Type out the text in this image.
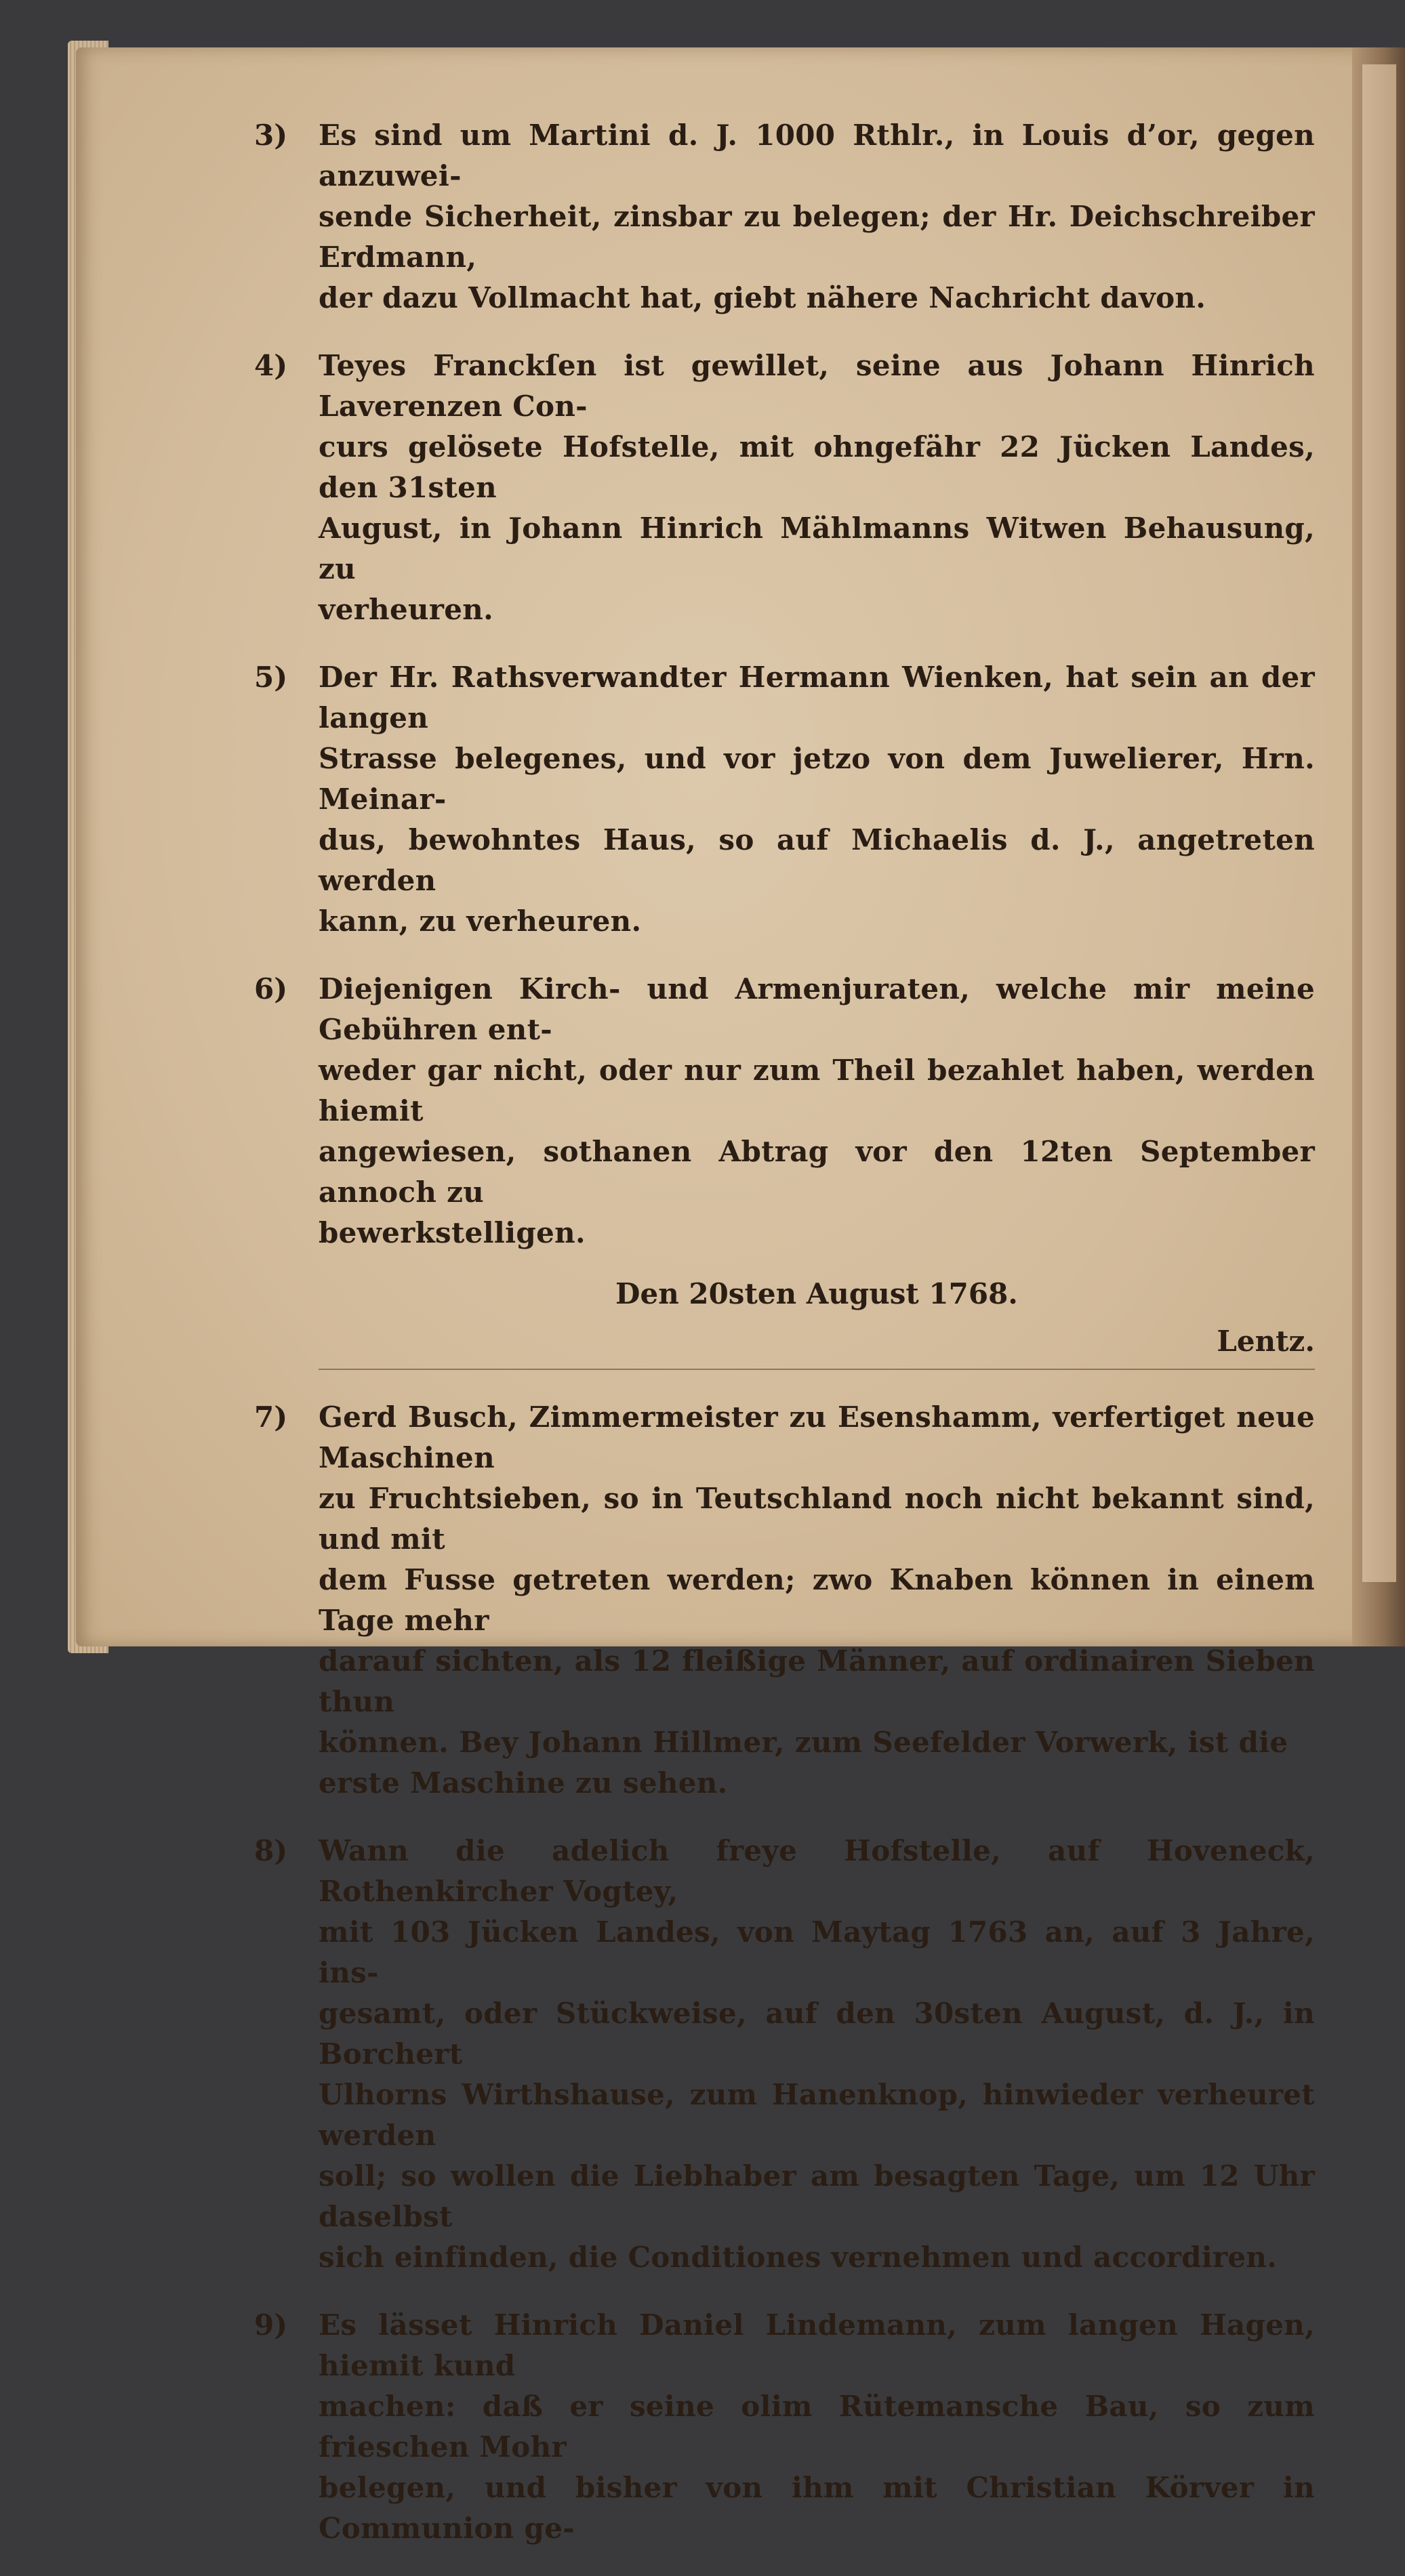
3)	Es sind um Martini d. J. 1000 Rthlr., in Louis d’or, gegen anzuwei-
sende Sicherheit, zinsbar zu belegen; der Hr. Deichschreiber Erdmann,
der dazu Vollmacht hat, giebt nähere Nachricht davon.
4)	Teyes Franckſen ist gewillet, seine aus Johann Hinrich Laverenzen Con-
curs gelösete Hofstelle, mit ohngefähr 22 Jücken Landes, den 31sten
August, in Johann Hinrich Mählmanns Witwen Behausung, zu
verheuren.
5)	Der Hr. Rathsverwandter Hermann Wienken, hat sein an der langen
Strasse belegenes, und vor jetzo von dem Juwelierer, Hrn. Meinar-
dus, bewohntes Haus, so auf Michaelis d. J., angetreten werden
kann, zu verheuren.
6)	Diejenigen Kirch- und Armenjuraten, welche mir meine Gebühren ent-
weder gar nicht, oder nur zum Theil bezahlet haben, werden hiemit
angewiesen, sothanen Abtrag vor den 12ten September annoch zu
bewerkstelligen.
Den 20sten August 1768.
Lentz.
7)	Gerd Busch, Zimmermeister zu Esenshamm, verfertiget neue Maschinen
zu Fruchtsieben, so in Teutschland noch nicht bekannt sind, und mit
dem Fusse getreten werden; zwo Knaben können in einem Tage mehr
darauf sichten, als 12 fleißige Männer, auf ordinairen Sieben thun
können. Bey Johann Hillmer, zum Seefelder Vorwerk, ist die
erste Maschine zu sehen.
8)	Wann die adelich freye Hofstelle, auf Hoveneck, Rothenkircher Vogtey,
mit 103 Jücken Landes, von Maytag 1763 an, auf 3 Jahre, ins-
gesamt, oder Stückweise, auf den 30sten August, d. J., in Borchert
Ulhorns Wirthshause, zum Hanenknop, hinwieder verheuret werden
soll; so wollen die Liebhaber am besagten Tage, um 12 Uhr daselbst
sich einfinden, die Conditiones vernehmen und accordiren.
9)	Es lässet Hinrich Daniel Lindemann, zum langen Hagen, hiemit kund
machen: daß er seine olim Rütemansche Bau, so zum frieschen Mohr
belegen, und bisher von ihm mit Christian Körver in Communion ge-
